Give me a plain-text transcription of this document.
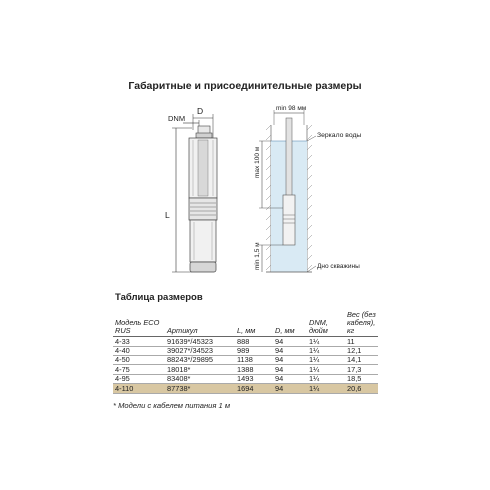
Габаритные и присоединительные размеры
D
DNM
L
min 98 мм
Зеркало воды
Дно скважины
max 100 м
min 1,5 м
Таблица размеров
Модель ECO RUS	Артикул	L, мм	D, мм	DNM, дюйм	Вес (без кабеля), кг
4-33	91639*/45323	888	94	1¼	11
4-40	39027*/34523	989	94	1¼	12,1
4-50	88243*/29895	1138	94	1¼	14,1
4-75	18018*	1388	94	1¼	17,3
4-95	83408*	1493	94	1¼	18,5
4-110	87738*	1694	94	1¼	20,6
* Модели с кабелем питания 1 м
